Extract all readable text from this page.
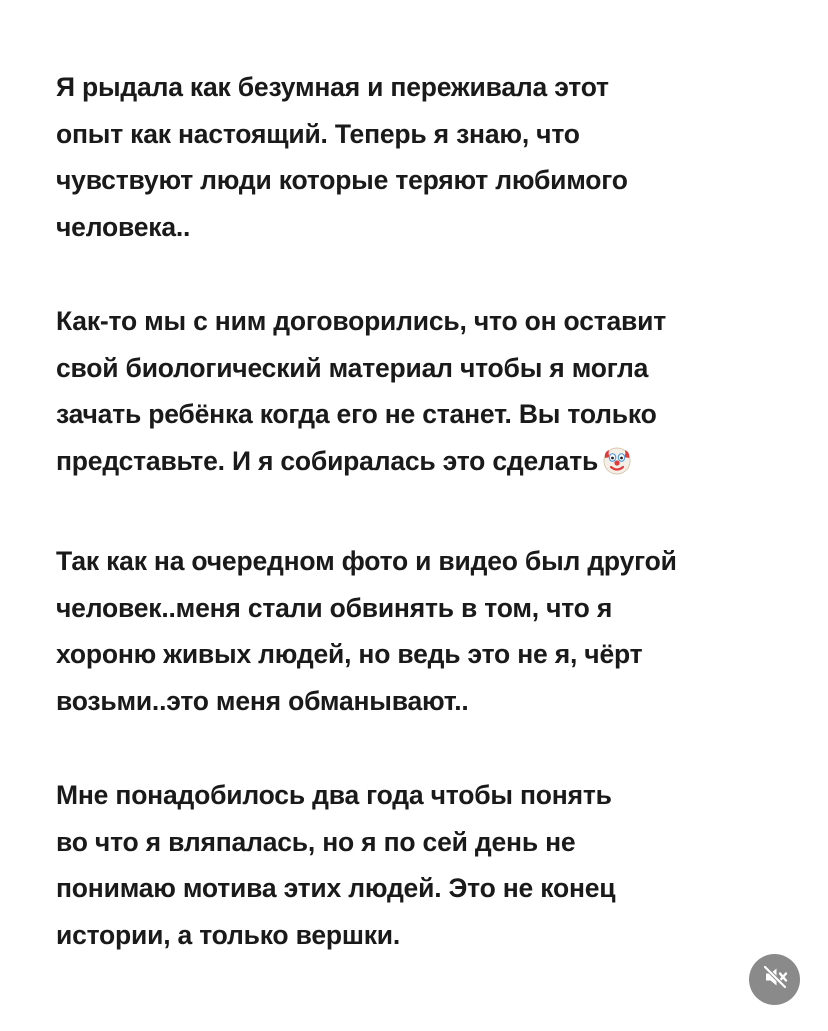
Я рыдала как безумная и переживала этот
опыт как настоящий. Теперь я знаю, что
чувствуют люди которые теряют любимого
человека..

Как-то мы с ним договорились, что он оставит
свой биологический материал чтобы я могла
зачать ребёнка когда его не станет. Вы только
представьте. И я собиралась это сделать

Так как на очередном фото и видео был другой
человек..меня стали обвинять в том, что я
хороню живых людей, но ведь это не я, чёрт
возьми..это меня обманывают..

Мне понадобилось два года чтобы понять
во что я вляпалась, но я по сей день не
понимаю мотива этих людей. Это не конец
истории, а только вершки.
